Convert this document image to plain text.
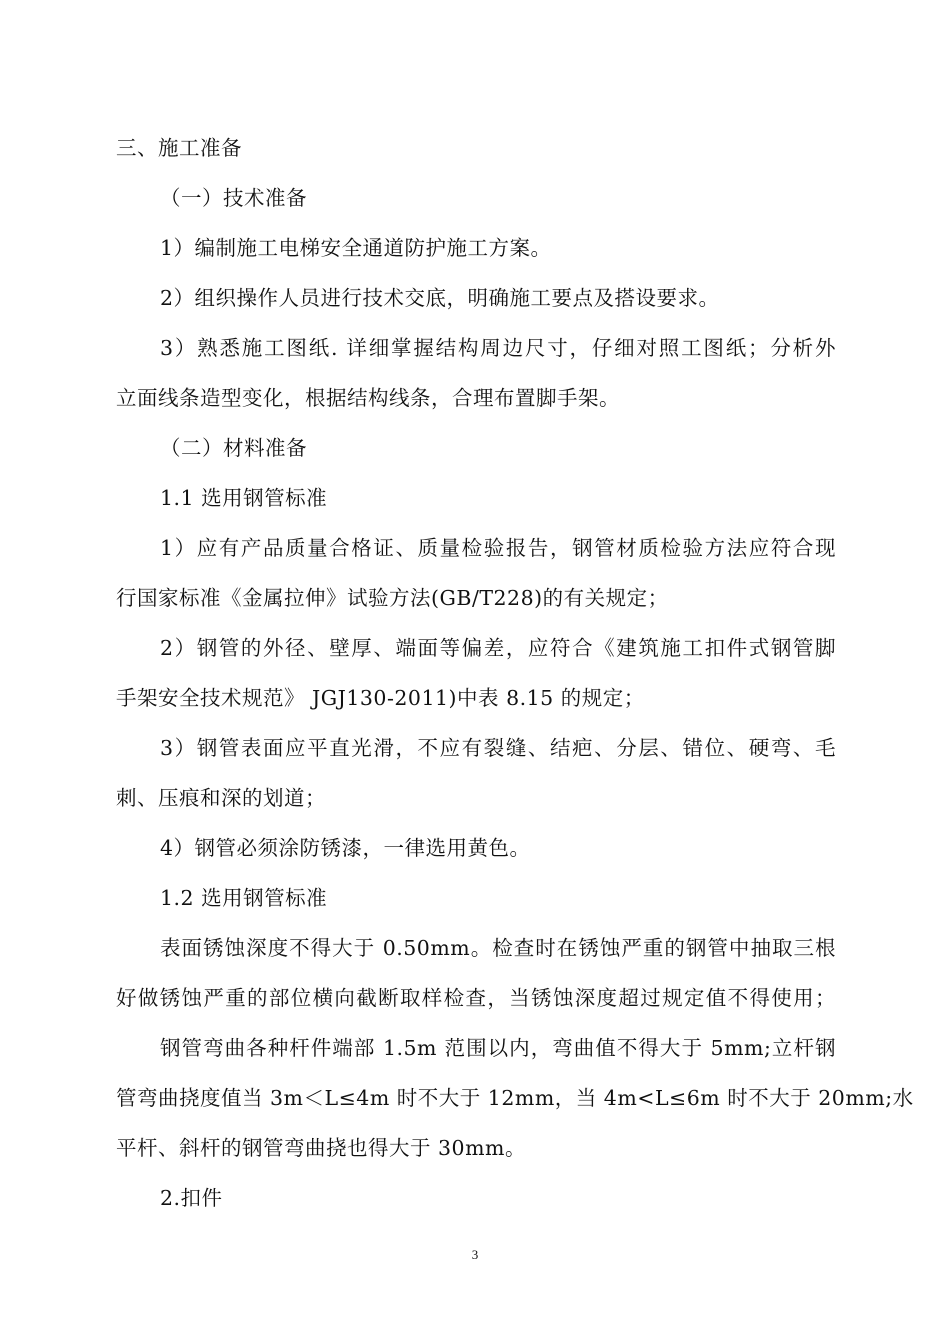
三、施工准备
（一）技术准备
1）编制施工电梯安全通道防护施工方案。
2）组织操作人员进行技术交底，明确施工要点及搭设要求。
3）熟悉施工图纸. 详细掌握结构周边尺寸，仔细对照工图纸；分析外
立面线条造型变化，根据结构线条，合理布置脚手架。
（二）材料准备
1.1 选用钢管标准
1）应有产品质量合格证、质量检验报告，钢管材质检验方法应符合现
行国家标准《金属拉伸》试验方法(GB/T228)的有关规定；
2）钢管的外径、壁厚、端面等偏差，应符合《建筑施工扣件式钢管脚
手架安全技术规范》 JGJ130-2011)中表 8.15 的规定；
3）钢管表面应平直光滑，不应有裂缝、结疤、分层、错位、硬弯、毛
刺、压痕和深的划道；
4）钢管必须涂防锈漆，一律选用黄色。
1.2 选用钢管标准
表面锈蚀深度不得大于 0.50mm。检查时在锈蚀严重的钢管中抽取三根
好做锈蚀严重的部位横向截断取样检查，当锈蚀深度超过规定值不得使用；
钢管弯曲各种杆件端部 1.5m 范围以内，弯曲值不得大于 5mm;立杆钢
管弯曲挠度值当 3m＜L≤4m 时不大于 12mm，当 4m<L≤6m 时不大于 20mm;水
平杆、斜杆的钢管弯曲挠也得大于 30mm。
2.扣件
3
